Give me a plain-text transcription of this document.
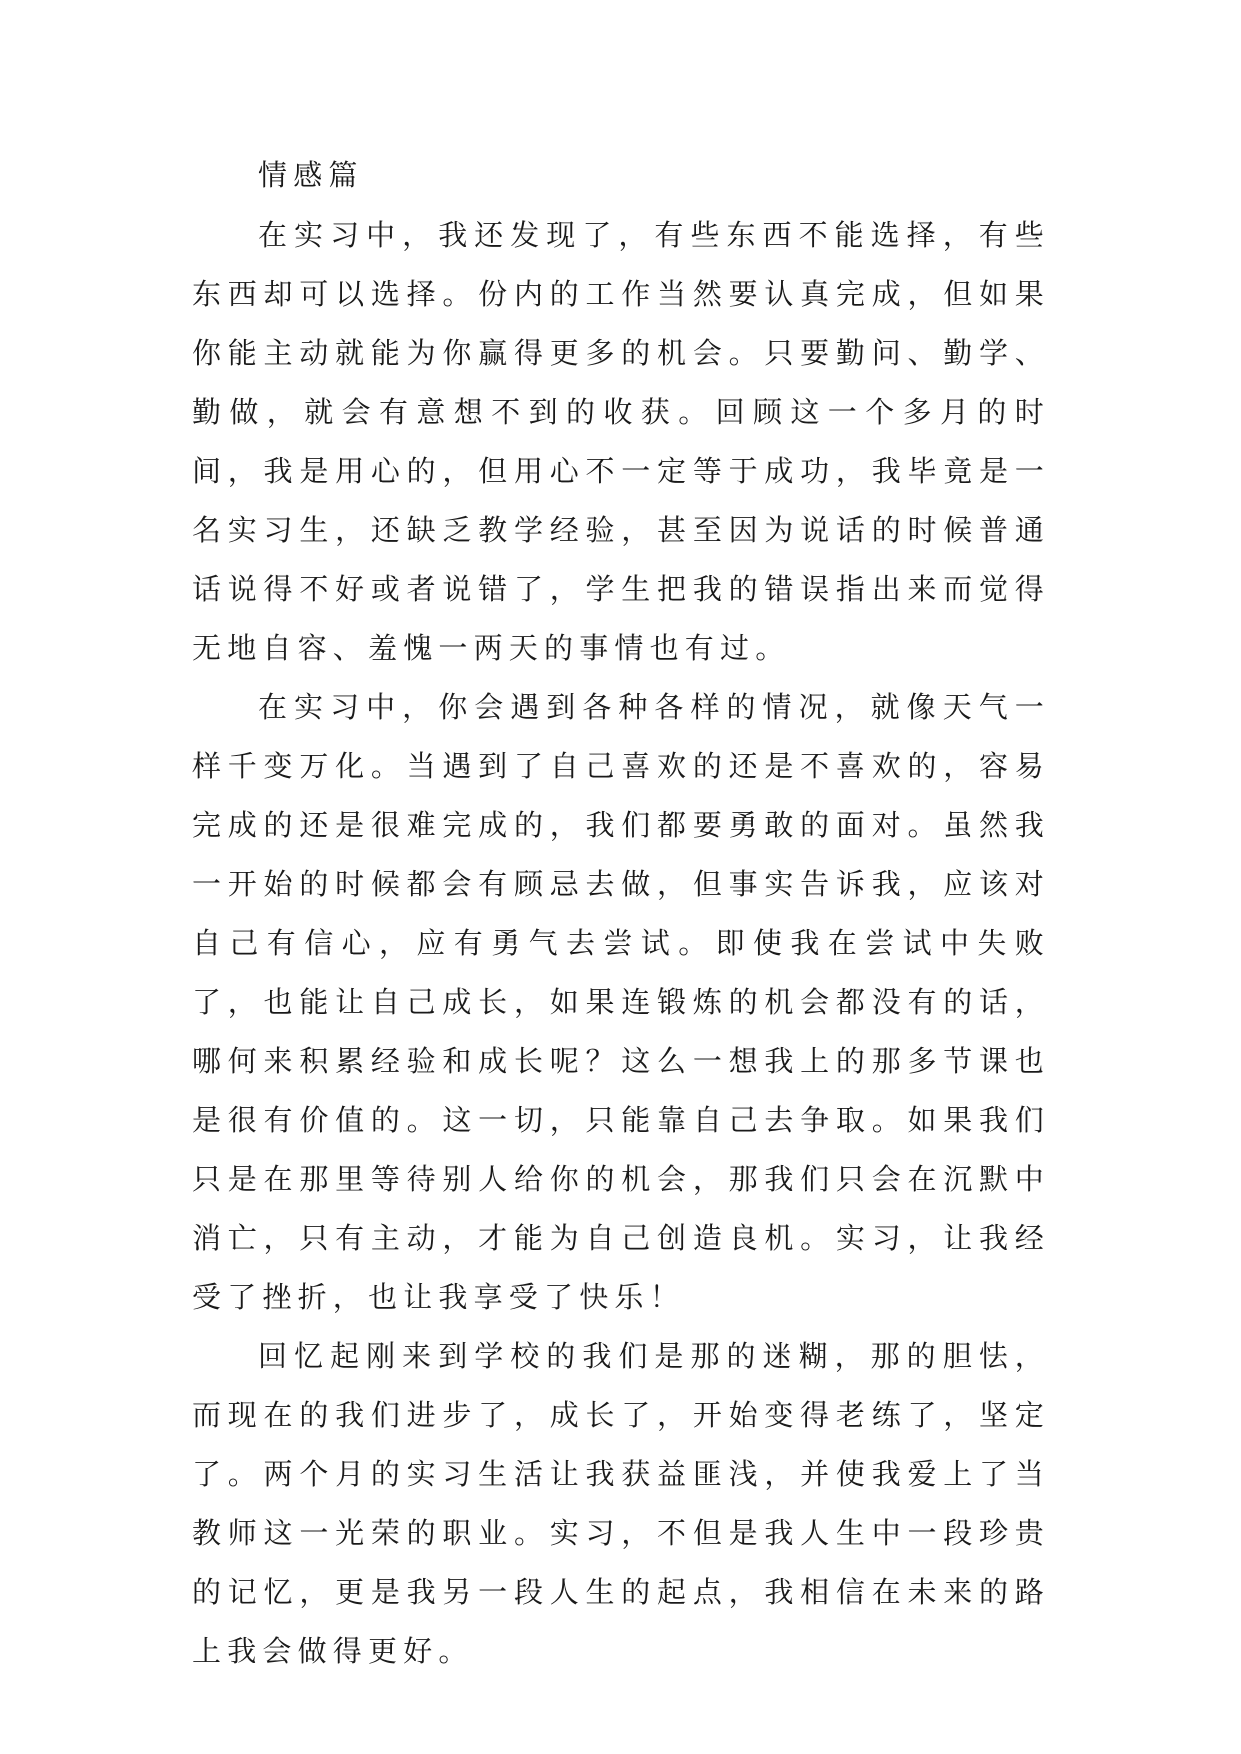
情感篇

在实习中，我还发现了，有些东西不能选择，有些东西却可以选择。份内的工作当然要认真完成，但如果你能主动就能为你赢得更多的机会。只要勤问、勤学、勤做，就会有意想不到的收获。回顾这一个多月的时间，我是用心的，但用心不一定等于成功，我毕竟是一名实习生，还缺乏教学经验，甚至因为说话的时候普通话说得不好或者说错了，学生把我的错误指出来而觉得无地自容、羞愧一两天的事情也有过。

在实习中，你会遇到各种各样的情况，就像天气一样千变万化。当遇到了自己喜欢的还是不喜欢的，容易完成的还是很难完成的，我们都要勇敢的面对。虽然我一开始的时候都会有顾忌去做，但事实告诉我，应该对自己有信心，应有勇气去尝试。即使我在尝试中失败了，也能让自己成长，如果连锻炼的机会都没有的话，哪何来积累经验和成长呢？这么一想我上的那多节课也是很有价值的。这一切，只能靠自己去争取。如果我们只是在那里等待别人给你的机会，那我们只会在沉默中消亡，只有主动，才能为自己创造良机。实习，让我经受了挫折，也让我享受了快乐！

回忆起刚来到学校的我们是那的迷糊，那的胆怯，而现在的我们进步了，成长了，开始变得老练了，坚定了。两个月的实习生活让我获益匪浅，并使我爱上了当教师这一光荣的职业。实习，不但是我人生中一段珍贵的记忆，更是我另一段人生的起点，我相信在未来的路上我会做得更好。
